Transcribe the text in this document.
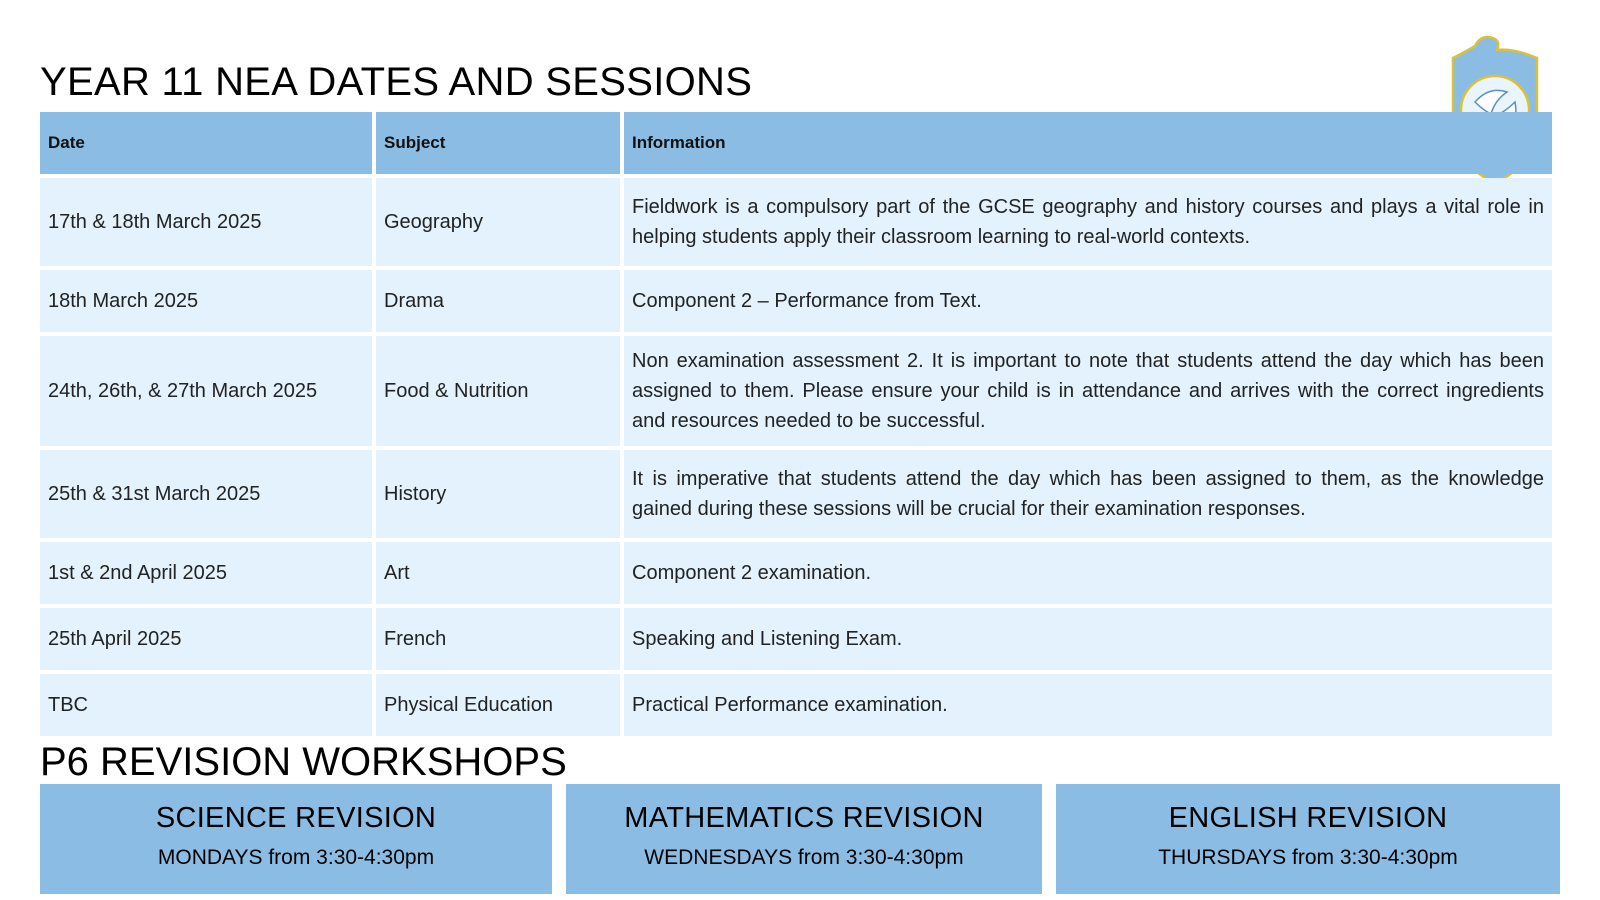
YEAR 11 NEA DATES AND SESSIONS
Date	Subject	Information
17th & 18th March 2025	Geography	Fieldwork is a compulsory part of the GCSE geography and history courses and plays a vital role in helping students apply their classroom learning to real-world contexts.
18th March 2025	Drama	Component 2 – Performance from Text.
24th, 26th, & 27th March 2025	Food & Nutrition	Non examination assessment 2. It is important to note that students attend the day which has been assigned to them. Please ensure your child is in attendance and arrives with the correct ingredients and resources needed to be successful.
25th & 31st March 2025	History	It is imperative that students attend the day which has been assigned to them, as the knowledge gained during these sessions will be crucial for their examination responses.
1st & 2nd April 2025	Art	Component 2 examination.
25th April 2025	French	Speaking and Listening Exam.
TBC	Physical Education	Practical Performance examination.
P6 REVISION WORKSHOPS
SCIENCE REVISION
MONDAYS from 3:30-4:30pm
MATHEMATICS REVISION
WEDNESDAYS from 3:30-4:30pm
ENGLISH REVISION
THURSDAYS from 3:30-4:30pm
